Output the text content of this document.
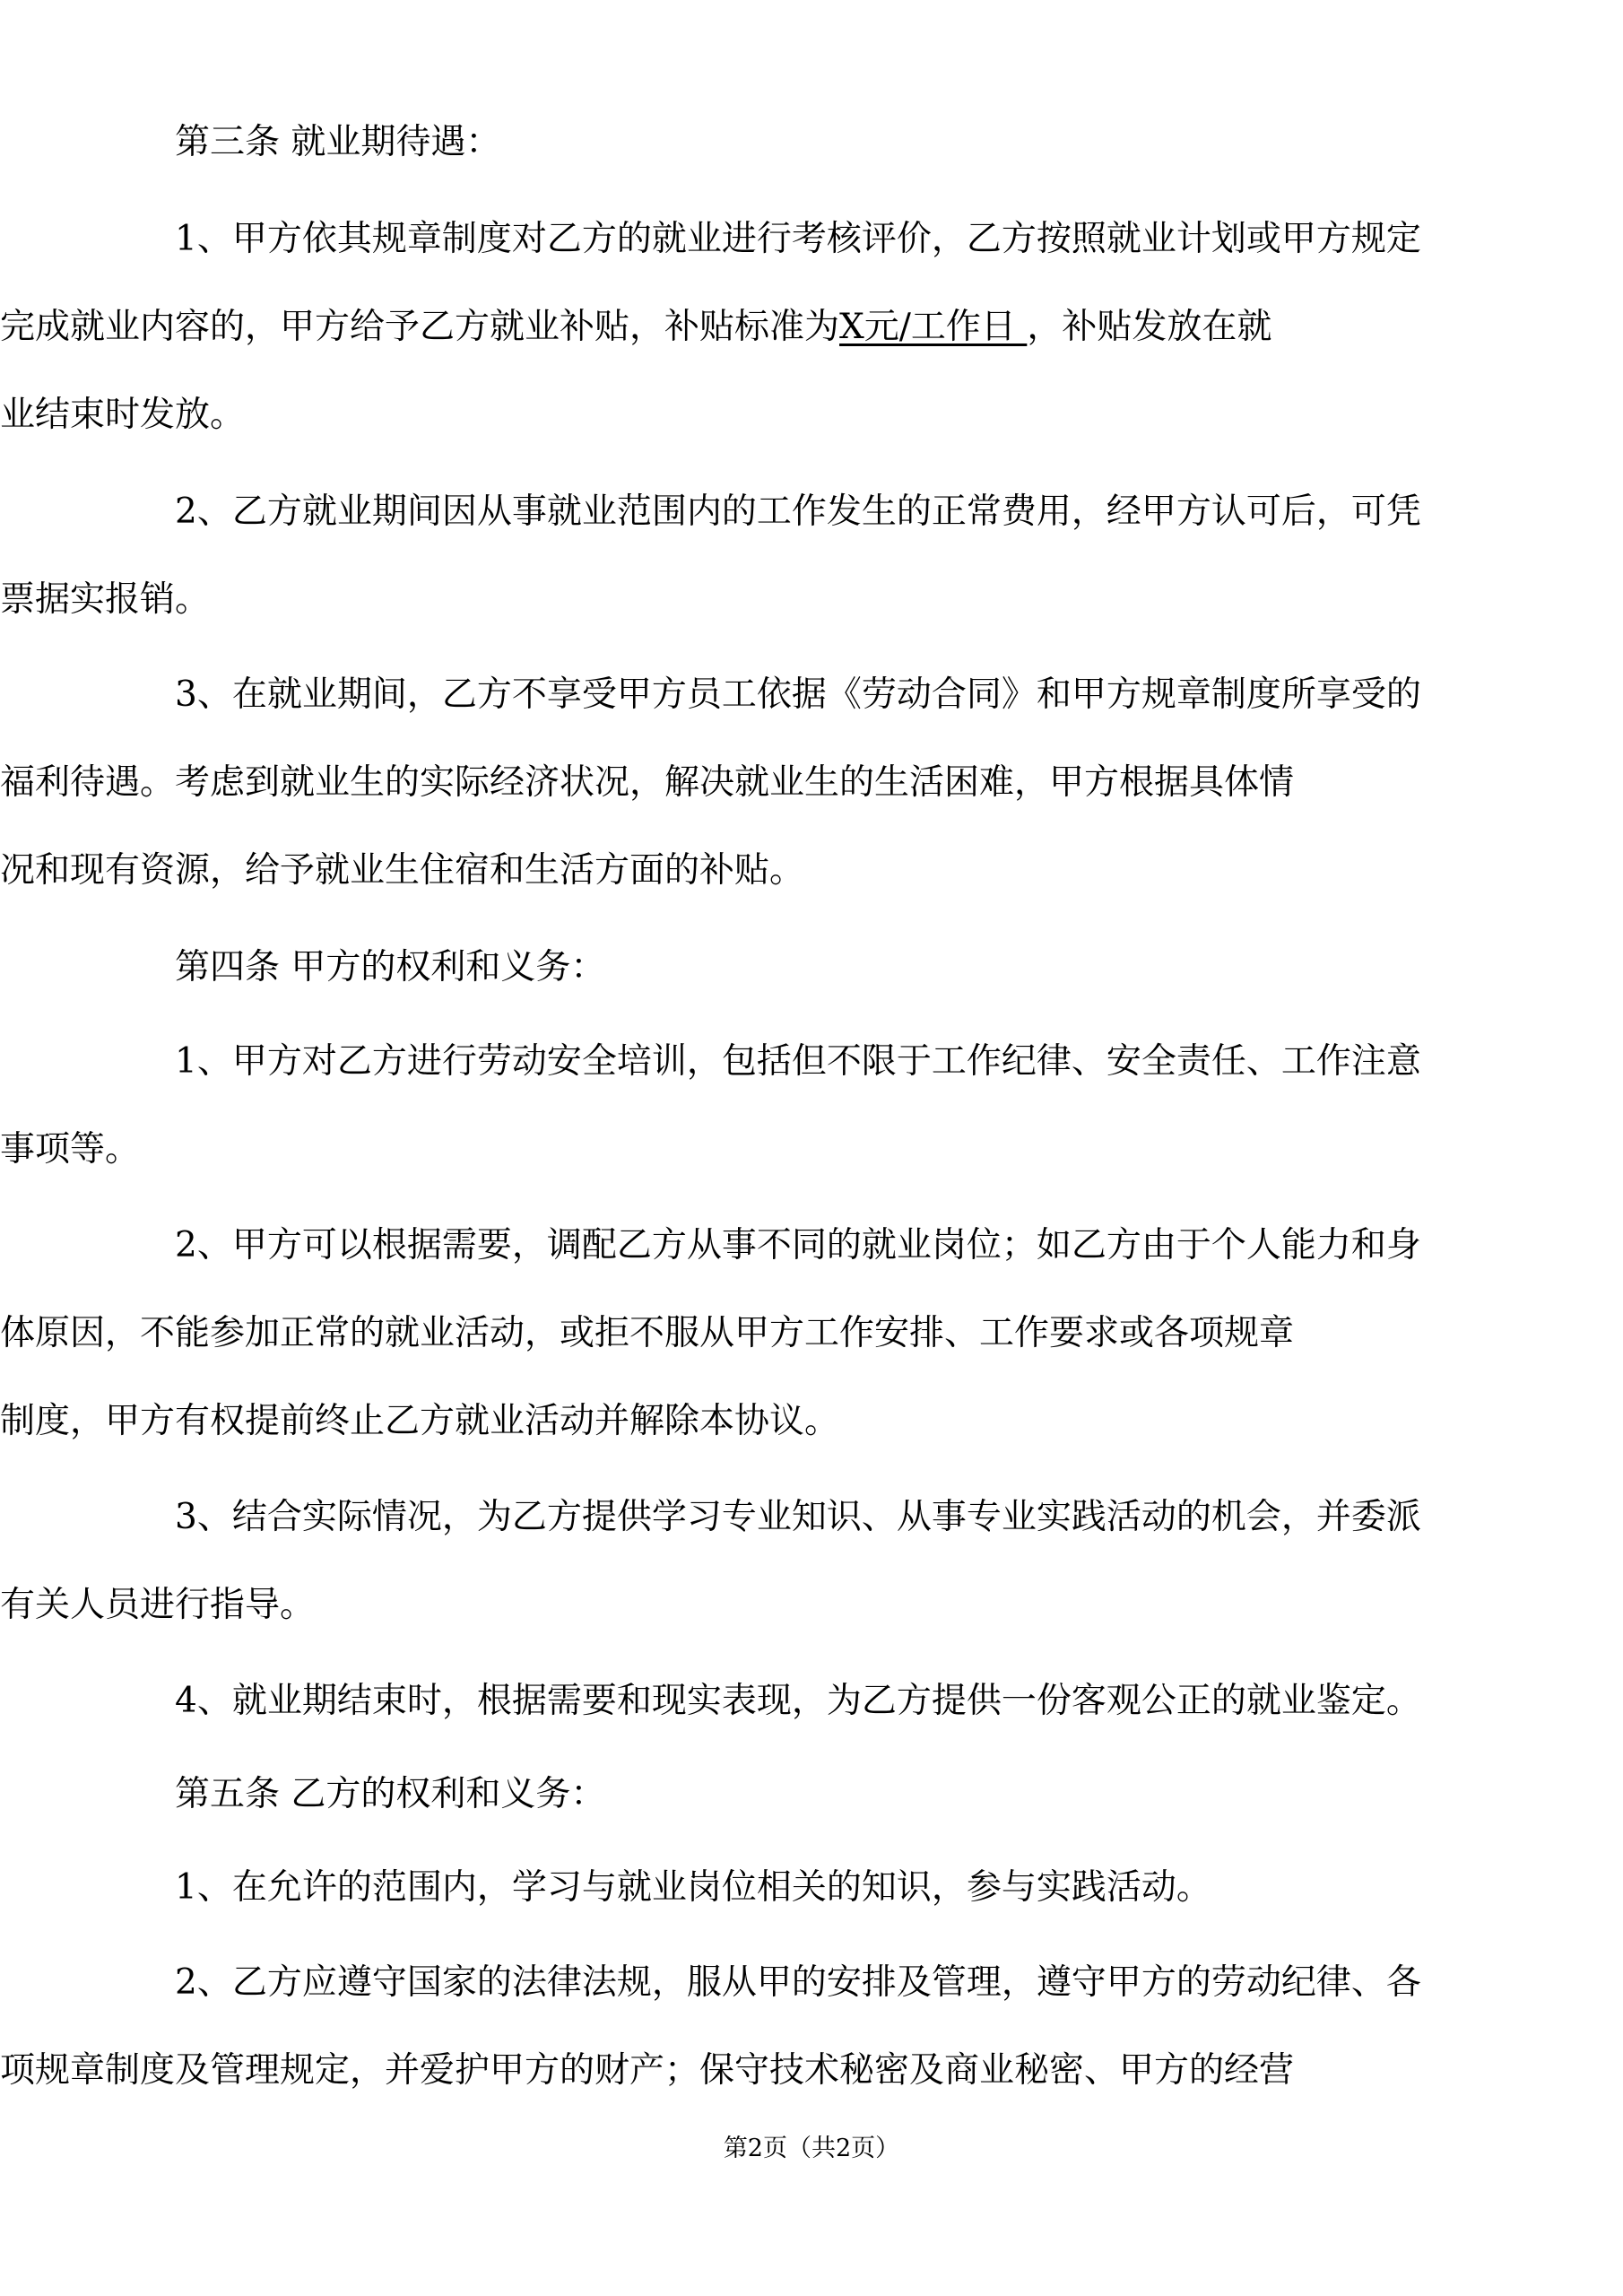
第三条 就业期待遇：
1、甲方依其规章制度对乙方的就业进行考核评价，乙方按照就业计划或甲方规定
完成就业内容的，甲方给予乙方就业补贴，补贴标准为X元/工作日 ，补贴发放在就
业结束时发放。
2、乙方就业期间因从事就业范围内的工作发生的正常费用，经甲方认可后，可凭
票据实报销。
3、在就业期间，乙方不享受甲方员工依据《劳动合同》和甲方规章制度所享受的
福利待遇。考虑到就业生的实际经济状况，解决就业生的生活困难，甲方根据具体情
况和现有资源，给予就业生住宿和生活方面的补贴。
第四条 甲方的权利和义务：
1、甲方对乙方进行劳动安全培训，包括但不限于工作纪律、安全责任、工作注意
事项等。
2、甲方可以根据需要，调配乙方从事不同的就业岗位；如乙方由于个人能力和身
体原因，不能参加正常的就业活动，或拒不服从甲方工作安排、工作要求或各项规章
制度，甲方有权提前终止乙方就业活动并解除本协议。
3、结合实际情况，为乙方提供学习专业知识、从事专业实践活动的机会，并委派
有关人员进行指导。
4、就业期结束时，根据需要和现实表现，为乙方提供一份客观公正的就业鉴定。
第五条 乙方的权利和义务：
1、在允许的范围内，学习与就业岗位相关的知识，参与实践活动。
2、乙方应遵守国家的法律法规，服从甲的安排及管理，遵守甲方的劳动纪律、各
项规章制度及管理规定，并爱护甲方的财产；保守技术秘密及商业秘密、甲方的经营
第2页（共2页）
